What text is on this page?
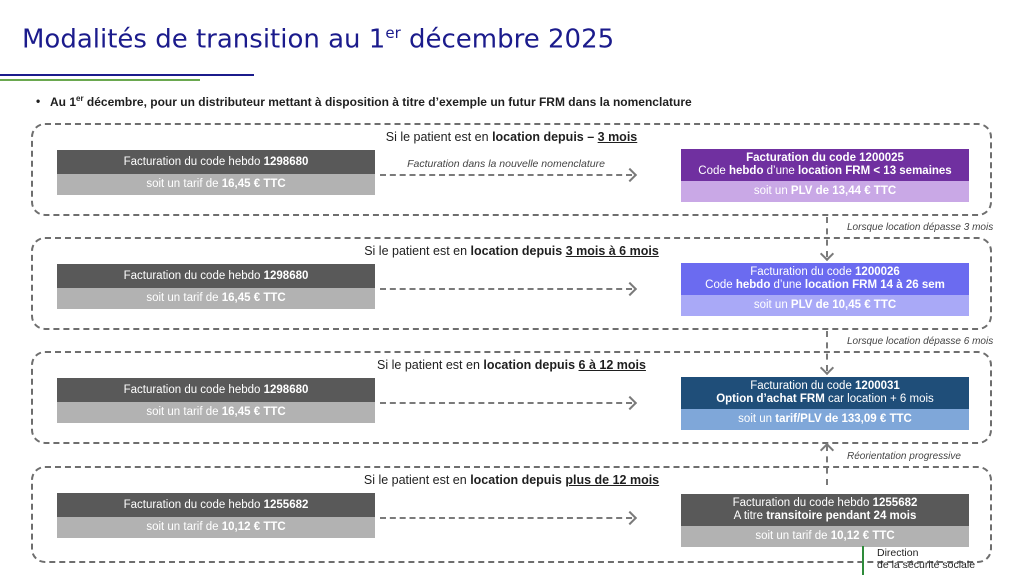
Modalités de transition au 1er décembre 2025
• Au 1er décembre, pour un distributeur mettant à disposition à titre d’exemple un futur FRM dans la nomenclature
Si le patient est en location depuis – 3 mois
Facturation du code hebdo 1298680
soit un tarif de 16,45 € TTC
Facturation dans la nouvelle nomenclature	Facturation du code 1200025
Code hebdo d’une location FRM < 13 semaines
soit un PLV de 13,44 € TTC
Si le patient est en location depuis 3 mois à 6 mois
Facturation du code hebdo 1298680
soit un tarif de 16,45 € TTC
Facturation du code 1200026
Code hebdo d’une location FRM 14 à 26 sem
soit un PLV de 10,45 € TTC
Si le patient est en location depuis 6 à 12 mois
Facturation du code hebdo 1298680
soit un tarif de 16,45 € TTC
Facturation du code 1200031
Option d’achat FRM car location + 6 mois
soit un tarif/PLV de 133,09 € TTC
Si le patient est en location depuis plus de 12 mois
Facturation du code hebdo 1255682
soit un tarif de 10,12 € TTC
Facturation du code hebdo 1255682
A titre transitoire pendant 24 mois
soit un tarif de 10,12 € TTC
Lorsque location dépasse 3 mois
Lorsque location dépasse 6 mois
Réorientation progressive
Direction
de la sécurité sociale
